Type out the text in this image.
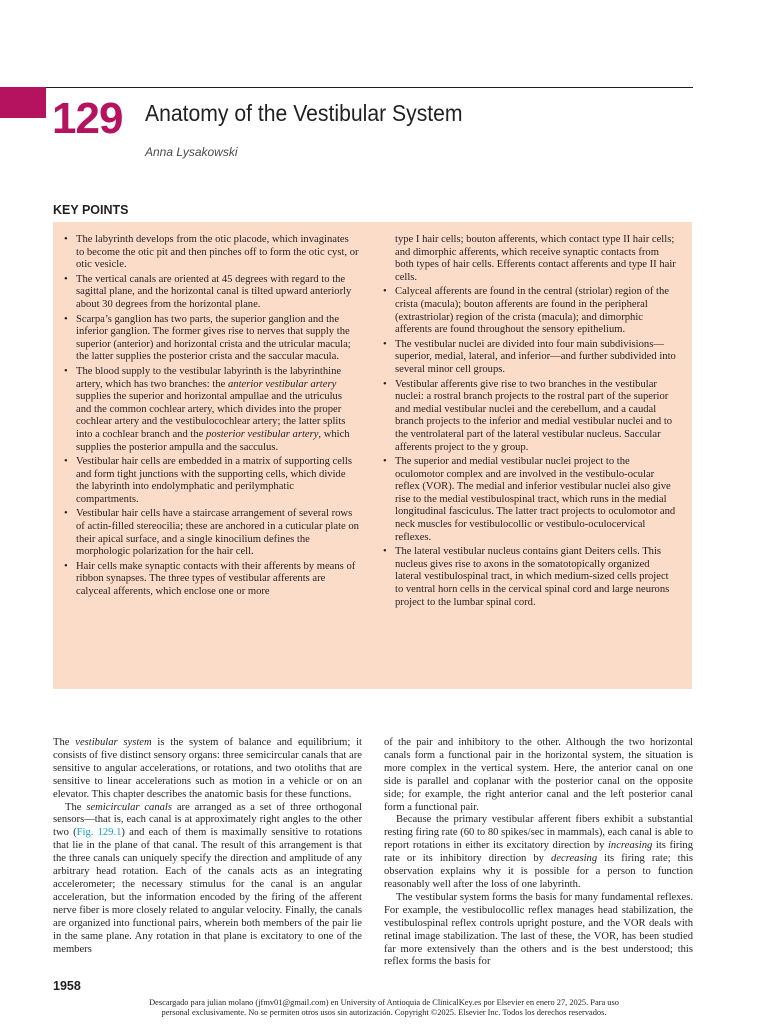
129 Anatomy of the Vestibular System
Anna Lysakowski
KEY POINTS
• The labyrinth develops from the otic placode, which invaginates to become the otic pit and then pinches off to form the otic cyst, or otic vesicle.
• The vertical canals are oriented at 45 degrees with regard to the sagittal plane, and the horizontal canal is tilted upward anteriorly about 30 degrees from the horizontal plane.
• Scarpa’s ganglion has two parts, the superior ganglion and the inferior ganglion. The former gives rise to nerves that supply the superior (anterior) and horizontal crista and the utricular macula; the latter supplies the posterior crista and the saccular macula.
• The blood supply to the vestibular labyrinth is the labyrinthine artery, which has two branches: the anterior vestibular artery supplies the superior and horizontal ampullae and the utriculus and the common cochlear artery, which divides into the proper cochlear artery and the vestibulocochlear artery; the latter splits into a cochlear branch and the posterior vestibular artery, which supplies the posterior ampulla and the sacculus.
• Vestibular hair cells are embedded in a matrix of supporting cells and form tight junctions with the supporting cells, which divide the labyrinth into endolymphatic and perilymphatic compartments.
• Vestibular hair cells have a staircase arrangement of several rows of actin-filled stereocilia; these are anchored in a cuticular plate on their apical surface, and a single kinocilium defines the morphologic polarization for the hair cell.
• Hair cells make synaptic contacts with their afferents by means of ribbon synapses. The three types of vestibular afferents are calyceal afferents, which enclose one or more
type I hair cells; bouton afferents, which contact type II hair cells; and dimorphic afferents, which receive synaptic contacts from both types of hair cells. Efferents contact afferents and type II hair cells.
• Calyceal afferents are found in the central (striolar) region of the crista (macula); bouton afferents are found in the peripheral (extrastriolar) region of the crista (macula); and dimorphic afferents are found throughout the sensory epithelium.
• The vestibular nuclei are divided into four main subdivisions—superior, medial, lateral, and inferior—and further subdivided into several minor cell groups.
• Vestibular afferents give rise to two branches in the vestibular nuclei: a rostral branch projects to the rostral part of the superior and medial vestibular nuclei and the cerebellum, and a caudal branch projects to the inferior and medial vestibular nuclei and to the ventrolateral part of the lateral vestibular nucleus. Saccular afferents project to the y group.
• The superior and medial vestibular nuclei project to the oculomotor complex and are involved in the vestibulo-ocular reflex (VOR). The medial and inferior vestibular nuclei also give rise to the medial vestibulospinal tract, which runs in the medial longitudinal fasciculus. The latter tract projects to oculomotor and neck muscles for vestibulocollic or vestibulo-oculocervical reflexes.
• The lateral vestibular nucleus contains giant Deiters cells. This nucleus gives rise to axons in the somatotopically organized lateral vestibulospinal tract, in which medium-sized cells project to ventral horn cells in the cervical spinal cord and large neurons project to the lumbar spinal cord.

The vestibular system is the system of balance and equilibrium; it consists of five distinct sensory organs: three semicircular canals that are sensitive to angular accelerations, or rotations, and two otoliths that are sensitive to linear accelerations such as motion in a vehicle or on an elevator. This chapter describes the anatomic basis for these functions.

The semicircular canals are arranged as a set of three orthogonal sensors—that is, each canal is at approximately right angles to the other two (Fig. 129.1) and each of them is maximally sensitive to rotations that lie in the plane of that canal. The result of this arrangement is that the three canals can uniquely specify the direction and amplitude of any arbitrary head rotation. Each of the canals acts as an integrating accelerometer; the necessary stimulus for the canal is an angular acceleration, but the information encoded by the firing of the afferent nerve fiber is more closely related to angular velocity. Finally, the canals are organized into functional pairs, wherein both members of the pair lie in the same plane. Any rotation in that plane is excitatory to one of the members

of the pair and inhibitory to the other. Although the two horizontal canals form a functional pair in the horizontal system, the situation is more complex in the vertical system. Here, the anterior canal on one side is parallel and coplanar with the posterior canal on the opposite side; for example, the right anterior canal and the left posterior canal form a functional pair.

Because the primary vestibular afferent fibers exhibit a substantial resting firing rate (60 to 80 spikes/sec in mammals), each canal is able to report rotations in either its excitatory direction by increasing its firing rate or its inhibitory direction by decreasing its firing rate; this observation explains why it is possible for a person to function reasonably well after the loss of one labyrinth.

The vestibular system forms the basis for many fundamental reflexes. For example, the vestibulocollic reflex manages head stabilization, the vestibulospinal reflex controls upright posture, and the VOR deals with retinal image stabilization. The last of these, the VOR, has been studied far more extensively than the others and is the best understood; this reflex forms the basis for

1958
Descargado para julian molano (jfmv01@gmail.com) en University of Antioquia de ClinicalKey.es por Elsevier en enero 27, 2025. Para uso
personal exclusivamente. No se permiten otros usos sin autorización. Copyright ©2025. Elsevier Inc. Todos los derechos reservados.
